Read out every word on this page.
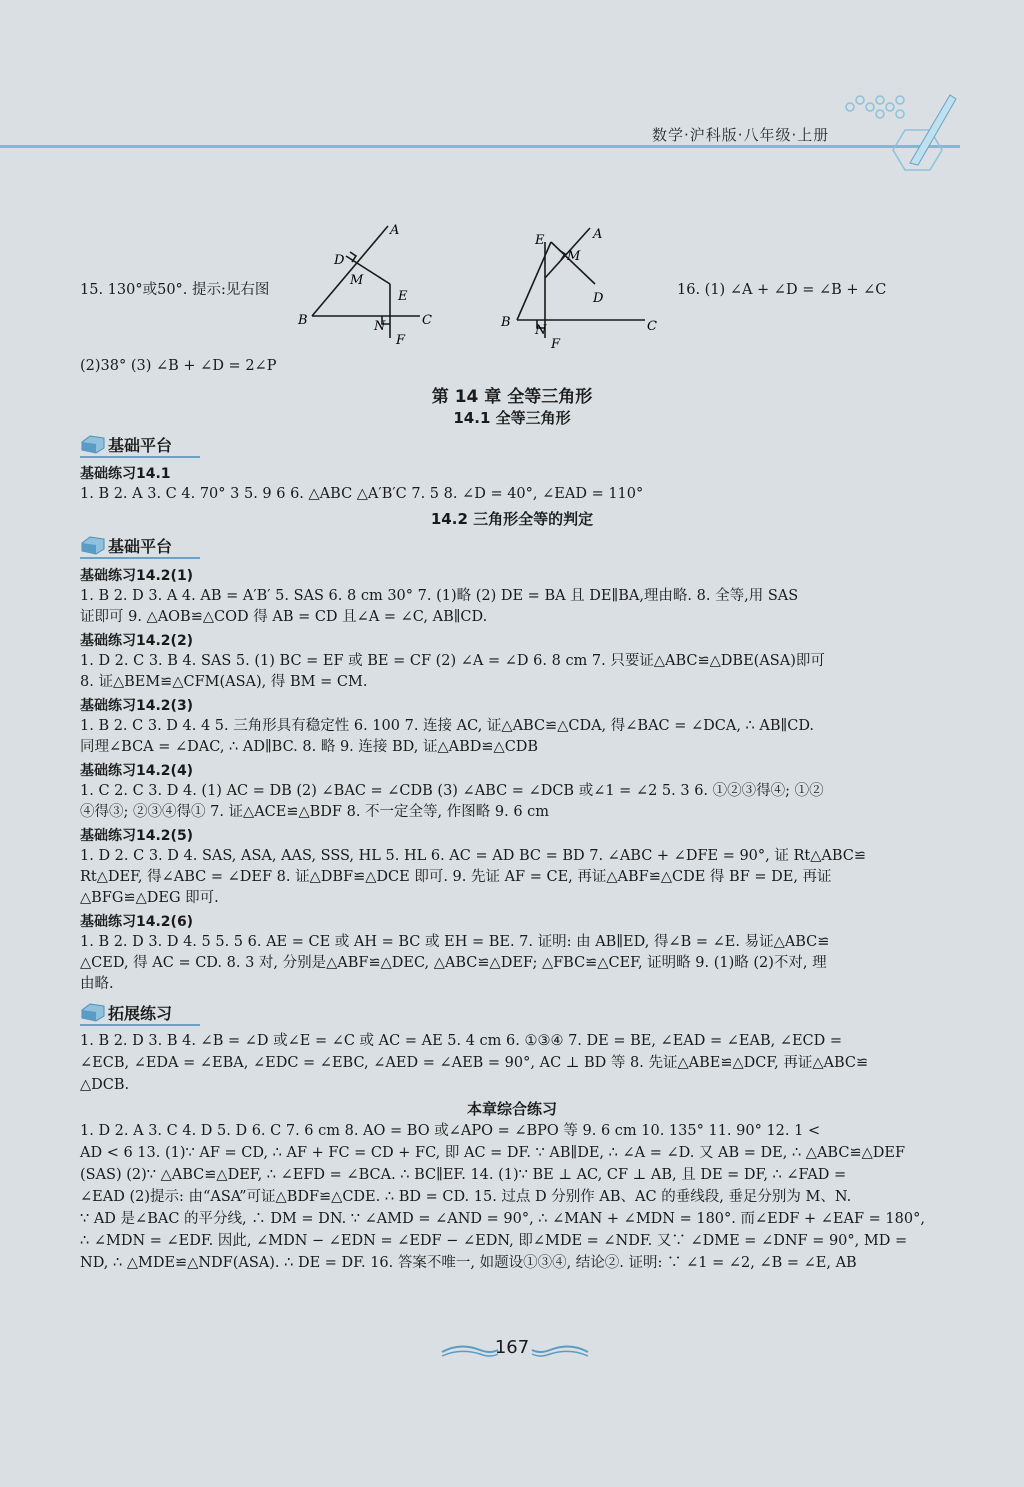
数学·沪科版·八年级·上册
15. 130°或50°. 提示:见右图	16. (1) ∠A + ∠D = ∠B + ∠C
A
B	C
D
E
F
M
N
A
B	C
D
E
F
M
N
(2)38° (3) ∠B + ∠D = 2∠P
第 14 章 全等三角形
14.1 全等三角形
基础平台
基础练习14.1
1. B 2. A 3. C 4. 70° 3 5. 9 6 6. △ABC △A′B′C 7. 5 8. ∠D = 40°, ∠EAD = 110°
14.2 三角形全等的判定
基础平台
基础练习14.2(1)
1. B 2. D 3. A 4. AB = A′B′ 5. SAS 6. 8 cm 30° 7. (1)略 (2) DE = BA 且 DE∥BA,理由略. 8. 全等,用 SAS
证即可 9. △AOB≌△COD 得 AB = CD 且∠A = ∠C, AB∥CD.
基础练习14.2(2)
1. D 2. C 3. B 4. SAS 5. (1) BC = EF 或 BE = CF (2) ∠A = ∠D 6. 8 cm 7. 只要证△ABC≌△DBE(ASA)即可
8. 证△BEM≌△CFM(ASA), 得 BM = CM.
基础练习14.2(3)
1. B 2. C 3. D 4. 4 5. 三角形具有稳定性 6. 100 7. 连接 AC, 证△ABC≌△CDA, 得∠BAC = ∠DCA, ∴ AB∥CD.
同理∠BCA = ∠DAC, ∴ AD∥BC. 8. 略 9. 连接 BD, 证△ABD≌△CDB
基础练习14.2(4)
1. C 2. C 3. D 4. (1) AC = DB (2) ∠BAC = ∠CDB (3) ∠ABC = ∠DCB 或∠1 = ∠2 5. 3 6. ①②③得④; ①②
④得③; ②③④得① 7. 证△ACE≌△BDF 8. 不一定全等, 作图略 9. 6 cm
基础练习14.2(5)
1. D 2. C 3. D 4. SAS, ASA, AAS, SSS, HL 5. HL 6. AC = AD BC = BD 7. ∠ABC + ∠DFE = 90°, 证 Rt△ABC≌
Rt△DEF, 得∠ABC = ∠DEF 8. 证△DBF≌△DCE 即可. 9. 先证 AF = CE, 再证△ABF≌△CDE 得 BF = DE, 再证
△BFG≌△DEG 即可.
基础练习14.2(6)
1. B 2. D 3. D 4. 5 5. 5 6. AE = CE 或 AH = BC 或 EH = BE. 7. 证明: 由 AB∥ED, 得∠B = ∠E. 易证△ABC≌
△CED, 得 AC = CD. 8. 3 对, 分别是△ABF≌△DEC, △ABC≌△DEF; △FBC≌△CEF, 证明略 9. (1)略 (2)不对, 理
由略.
拓展练习
1. B 2. D 3. B 4. ∠B = ∠D 或∠E = ∠C 或 AC = AE 5. 4 cm 6. ①③④ 7. DE = BE, ∠EAD = ∠EAB, ∠ECD =
∠ECB, ∠EDA = ∠EBA, ∠EDC = ∠EBC, ∠AED = ∠AEB = 90°, AC ⊥ BD 等 8. 先证△ABE≌△DCF, 再证△ABC≌
△DCB.
本章综合练习
1. D 2. A 3. C 4. D 5. D 6. C 7. 6 cm 8. AO = BO 或∠APO = ∠BPO 等 9. 6 cm 10. 135° 11. 90° 12. 1 <
AD < 6 13. (1)∵ AF = CD, ∴ AF + FC = CD + FC, 即 AC = DF. ∵ AB∥DE, ∴ ∠A = ∠D. 又 AB = DE, ∴ △ABC≌△DEF
(SAS) (2)∵ △ABC≌△DEF, ∴ ∠EFD = ∠BCA. ∴ BC∥EF. 14. (1)∵ BE ⊥ AC, CF ⊥ AB, 且 DE = DF, ∴ ∠FAD =
∠EAD (2)提示: 由“ASA”可证△BDF≌△CDE. ∴ BD = CD. 15. 过点 D 分别作 AB、AC 的垂线段, 垂足分别为 M、N.
∵ AD 是∠BAC 的平分线, ∴ DM = DN. ∵ ∠AMD = ∠AND = 90°, ∴ ∠MAN + ∠MDN = 180°. 而∠EDF + ∠EAF = 180°,
∴ ∠MDN = ∠EDF. 因此, ∠MDN − ∠EDN = ∠EDF − ∠EDN, 即∠MDE = ∠NDF. 又∵ ∠DME = ∠DNF = 90°, MD =
ND, ∴ △MDE≌△NDF(ASA). ∴ DE = DF. 16. 答案不唯一, 如题设①③④, 结论②. 证明: ∵ ∠1 = ∠2, ∠B = ∠E, AB
167
